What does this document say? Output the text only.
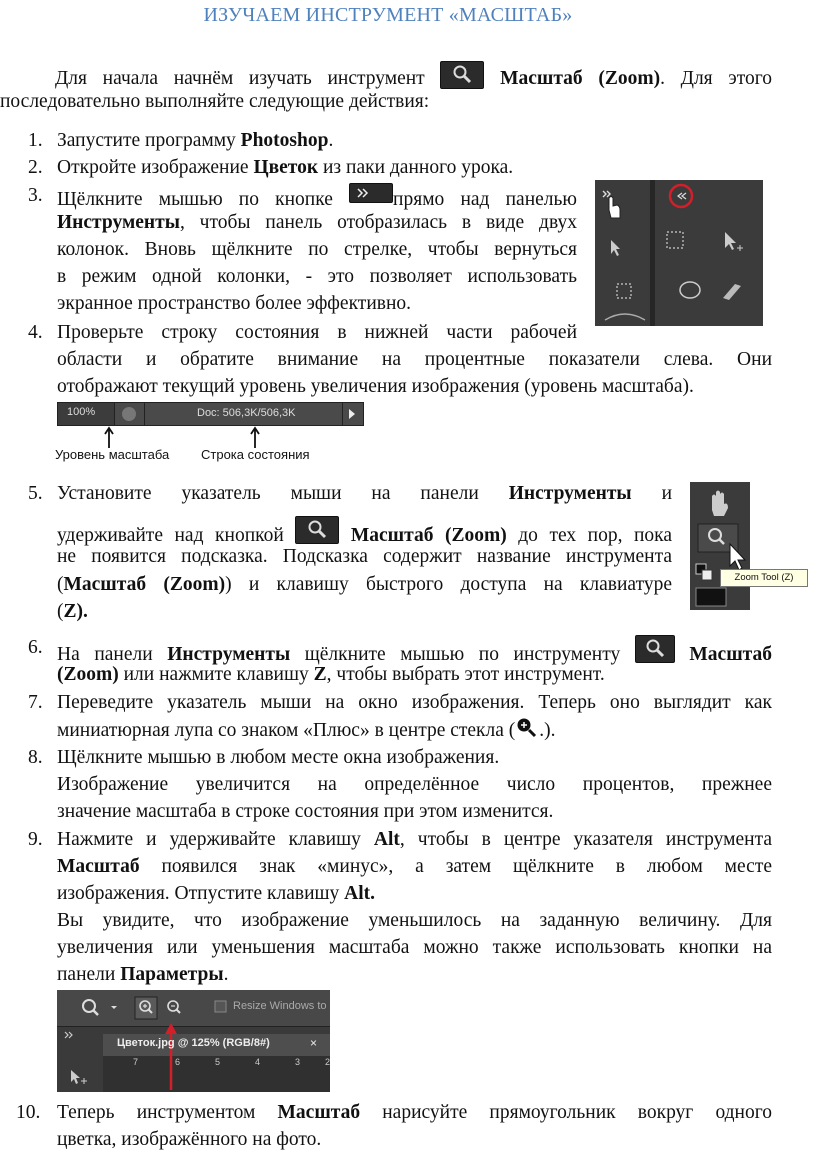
ИЗУЧАЕМ ИНСТРУМЕНТ «МАСШТАБ»
Для начала начнём изучать инструмент	Масштаб (Zoom). Для этого
последовательно выполняйте следующие действия:
1. Запустите программу Photoshop.
2. Откройте изображение Цветок из паки данного урока.
3. Щёлкните мышью по кнопке	прямо над панелью
Инструменты, чтобы панель отобразилась в виде двух
колонок. Вновь щёлкните по стрелке, чтобы вернуться
в режим одной колонки, - это позволяет использовать
экранное пространство более эффективно.
4. Проверьте строку состояния в нижней части рабочей
области и обратите внимание на процентные показатели слева. Они
отображают текущий уровень увеличения изображения (уровень масштаба).
100%	Doc: 506,3K/506,3K
Уровень масштаба Строка состояния
5. Установите указатель мыши на панели Инструменты и
удерживайте над кнопкой	Масштаб (Zoom) до тех пор, пока
не появится подсказка. Подсказка содержит название инструмента
(Масштаб (Zoom)) и клавишу быстрого доступа на клавиатуре
(Z).
Zoom Tool (Z)
6. На панели Инструменты щёлкните мышью по инструменту	Масштаб
(Zoom) или нажмите клавишу Z, чтобы выбрать этот инструмент.
7. Переведите указатель мыши на окно изображения. Теперь оно выглядит как
миниатюрная лупа со знаком «Плюс» в центре стекла ( .).
8. Щёлкните мышью в любом месте окна изображения.
Изображение увеличится на определённое число процентов, прежнее
значение масштаба в строке состояния при этом изменится.
9. Нажмите и удерживайте клавишу Alt, чтобы в центре указателя инструмента
Масштаб появился знак «минус», а затем щёлкните в любом месте
изображения. Отпустите клавишу Alt.
Вы увидите, что изображение уменьшилось на заданную величину. Для
увеличения или уменьшения масштаба можно также использовать кнопки на
панели Параметры.
Resize Windows to
Цветок.jpg @ 125% (RGB/8#)	×
7	6	5	4	3	2
10. Теперь инструментом Масштаб нарисуйте прямоугольник вокруг одного
цветка, изображённого на фото.
